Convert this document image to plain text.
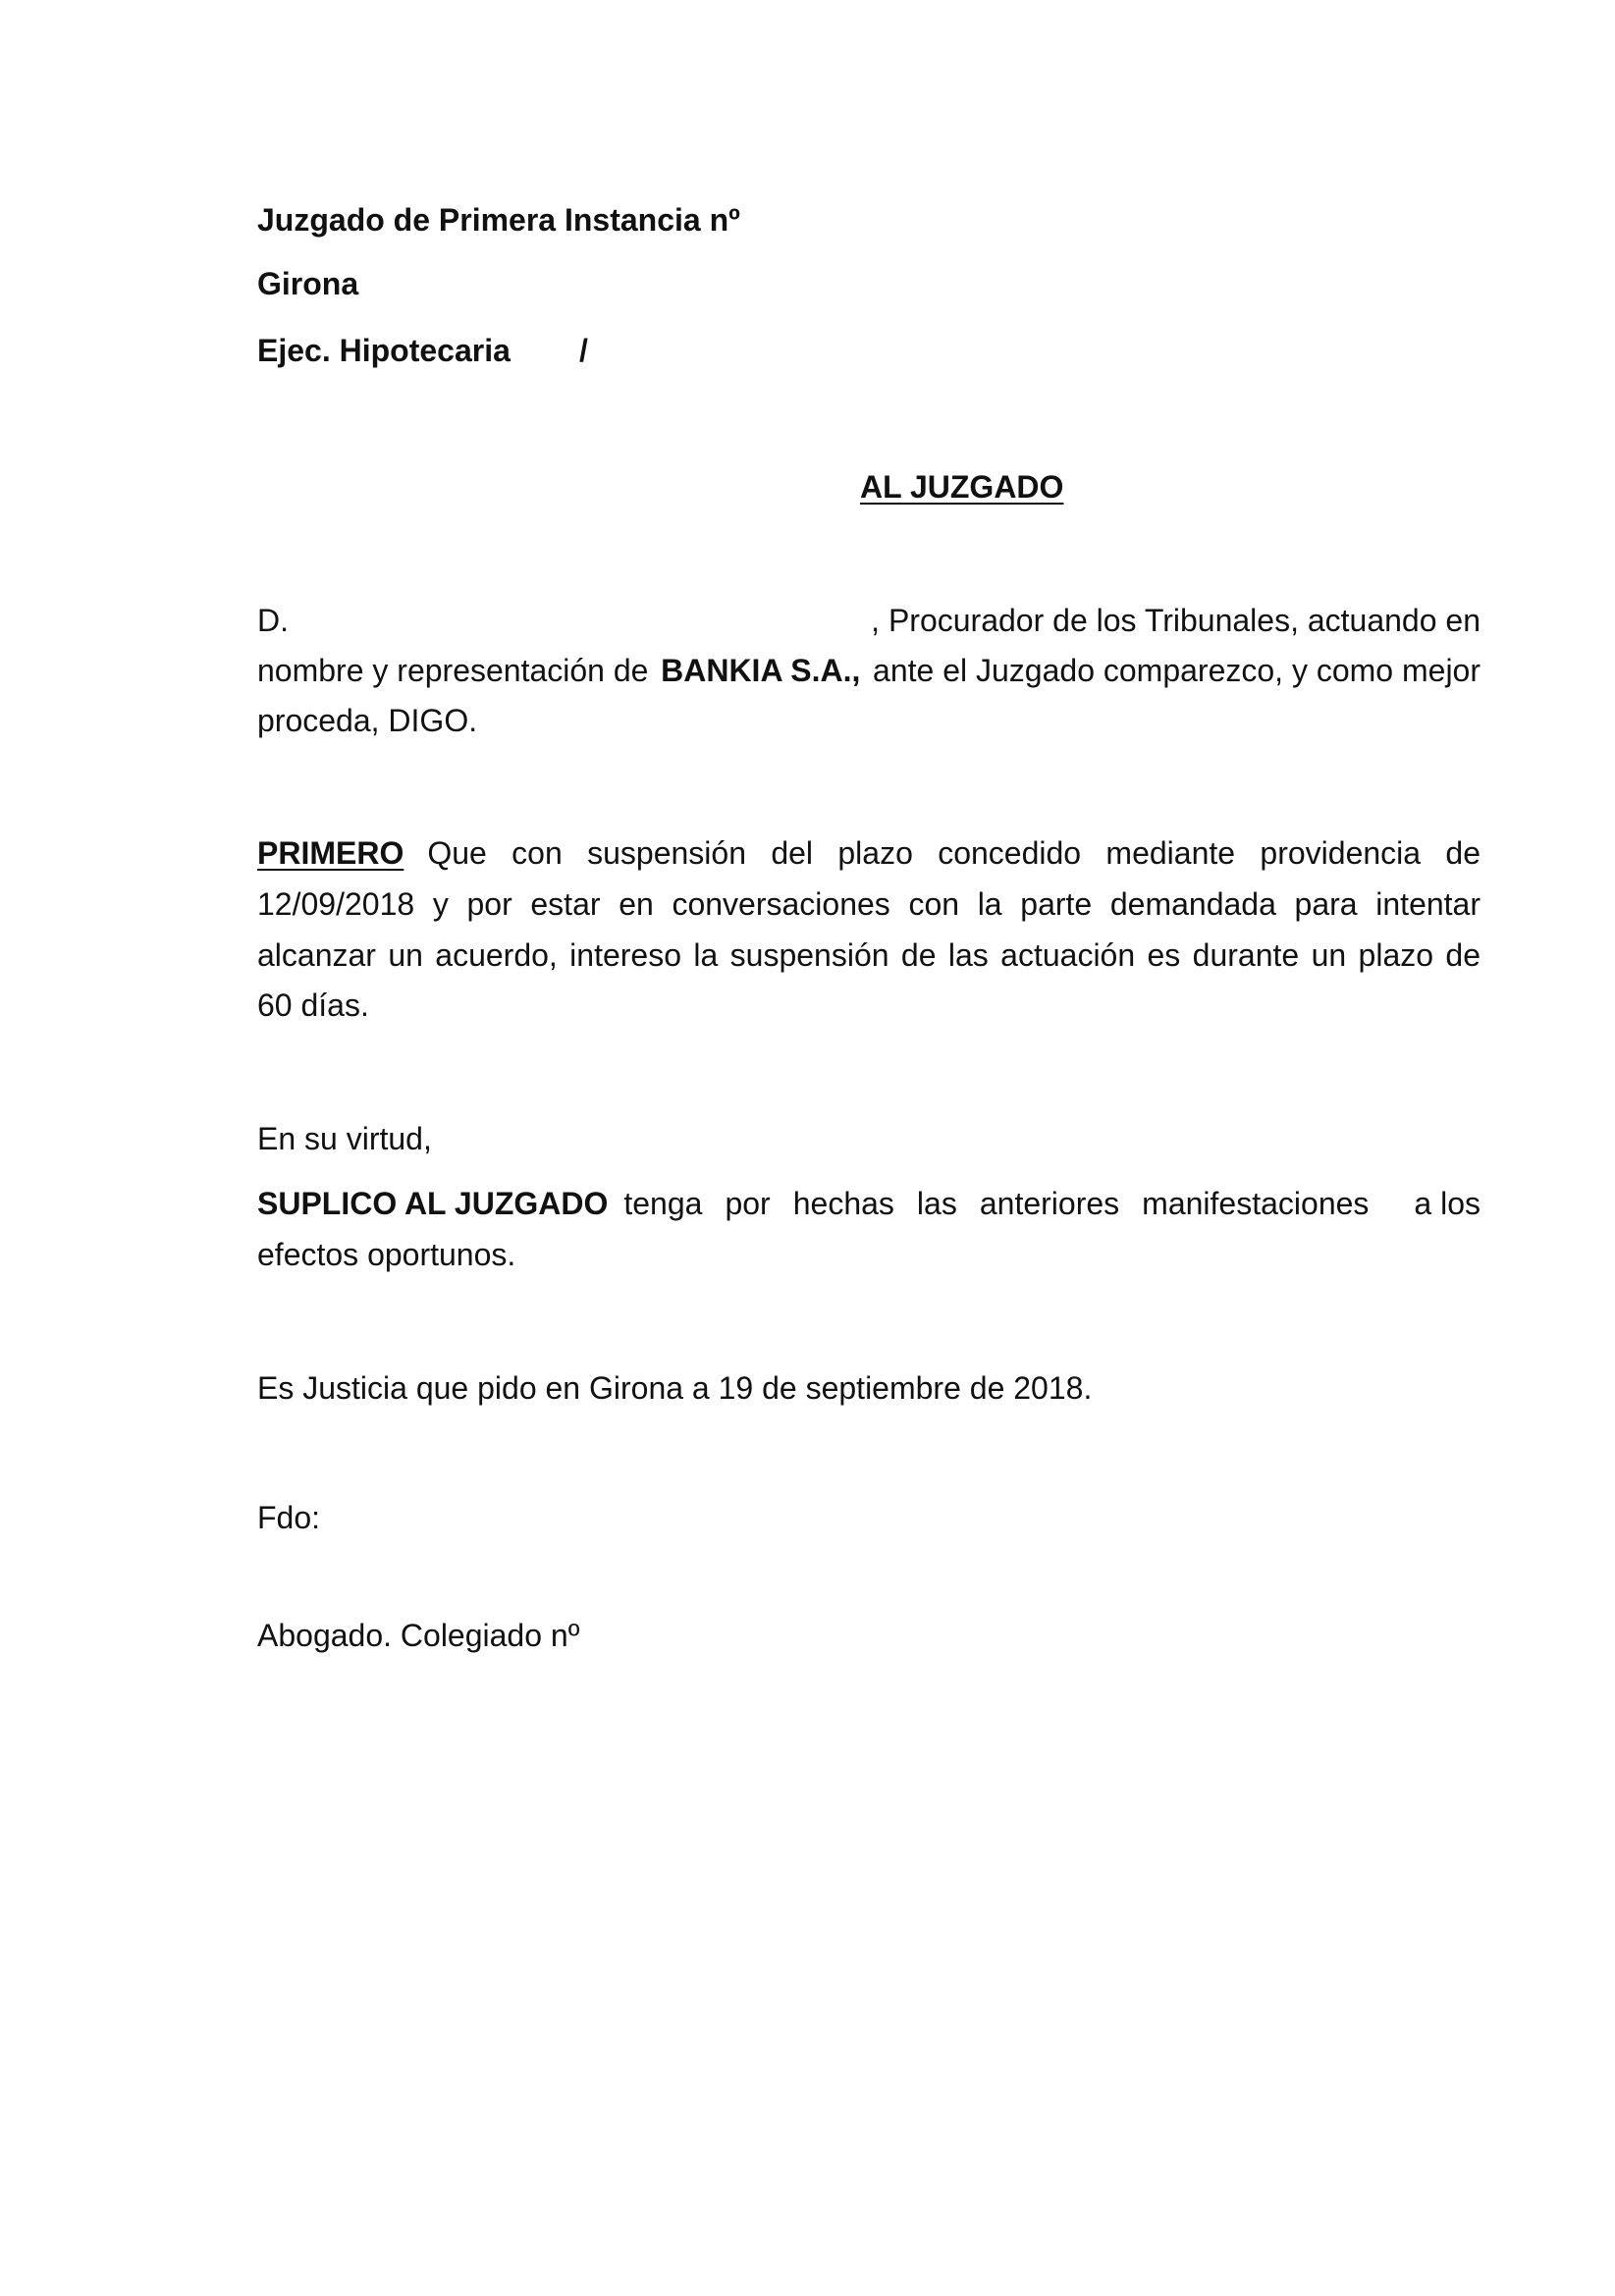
Juzgado de Primera Instancia nº
Girona
Ejec. Hipotecaria /
AL JUZGADO
D.	, Procurador de los Tribunales, actuando en
nombre y representación de BANKIA S.A., ante el Juzgado comparezco, y como mejor
proceda, DIGO.
PRIMERO Que con suspensión del plazo concedido mediante providencia de
12/09/2018 y por estar en conversaciones con la parte demandada para intentar
alcanzar un acuerdo, intereso la suspensión de las actuación es durante un plazo de
60 días.
En su virtud,
SUPLICO AL JUZGADO tenga por hechas las anteriores manifestaciones a los
efectos oportunos.
Es Justicia que pido en Girona a 19 de septiembre de 2018.
Fdo:
Abogado. Colegiado nº
